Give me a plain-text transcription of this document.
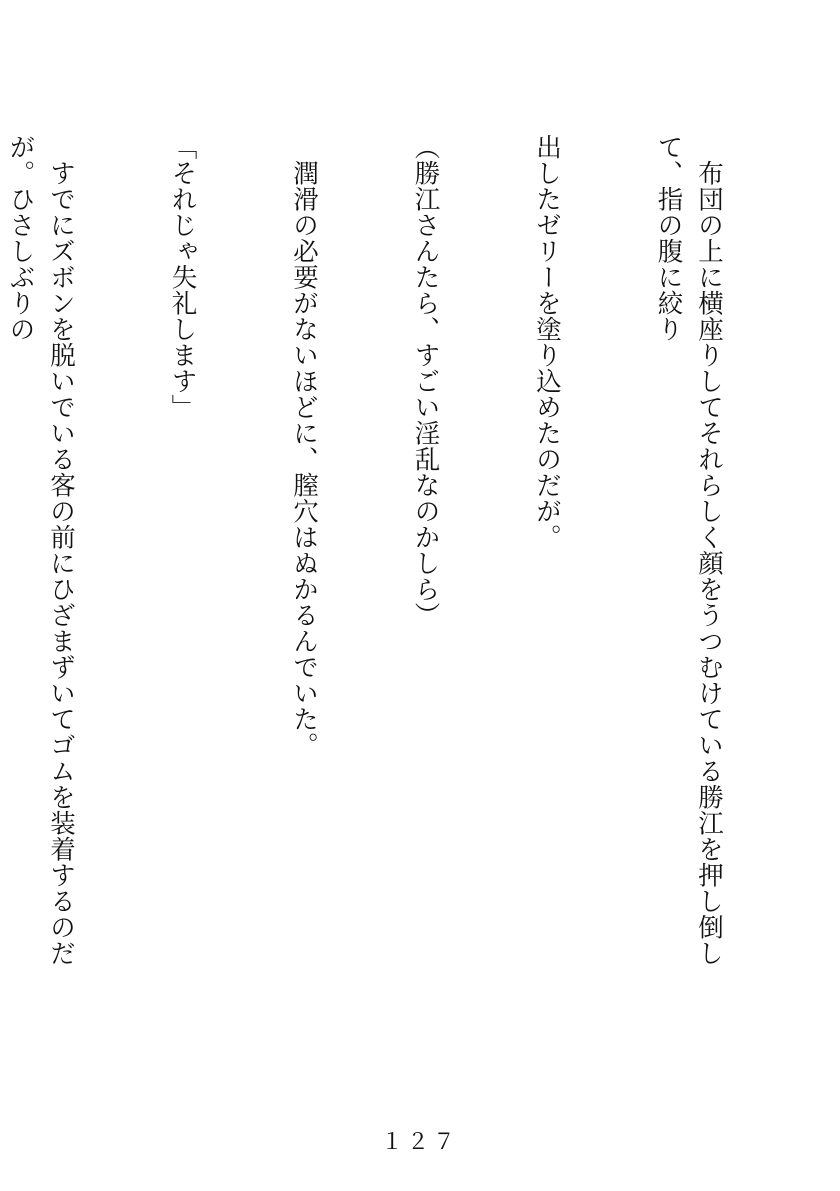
　布団の上に横座りしてそれらしく顔をうつむけている勝江を押し倒して、指の腹に絞り

出したゼリーを塗り込めたのだが。

（勝江さんたら、すごい淫乱なのかしら）

　潤滑の必要がないほどに、膣穴はぬかるんでいた。

「それじゃ失礼します」

　すでにズボンを脱いでいる客の前にひざまずいてゴムを装着するのだが。ひさしぶりの

１２７
